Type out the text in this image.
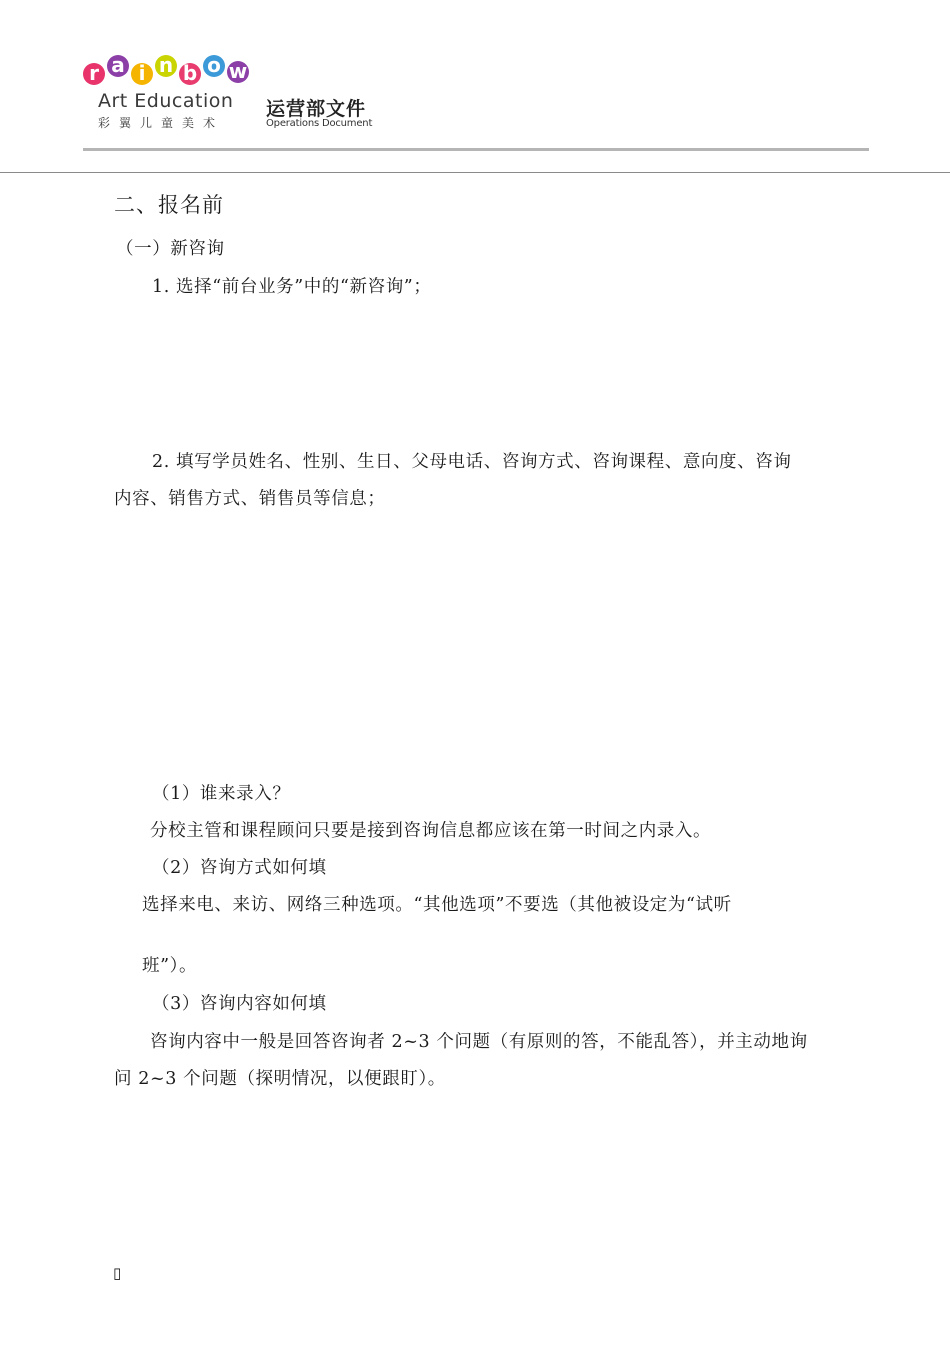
r a i n b o w
Art Education
彩翼儿童美术
运营部文件
Operations Document
二、报名前
（一）新咨询
1. 选择“前台业务”中的“新咨询”；
2. 填写学员姓名、性别、生日、父母电话、咨询方式、咨询课程、意向度、咨询
内容、销售方式、销售员等信息；
（1）谁来录入？
分校主管和课程顾问只要是接到咨询信息都应该在第一时间之内录入。
（2）咨询方式如何填
选择来电、来访、网络三种选项。“其他选项”不要选（其他被设定为“试听
班”）。
（3）咨询内容如何填
咨询内容中一般是回答咨询者 2~3 个问题（有原则的答，不能乱答），并主动地询
问 2~3 个问题（探明情况，以便跟盯）。
▯
